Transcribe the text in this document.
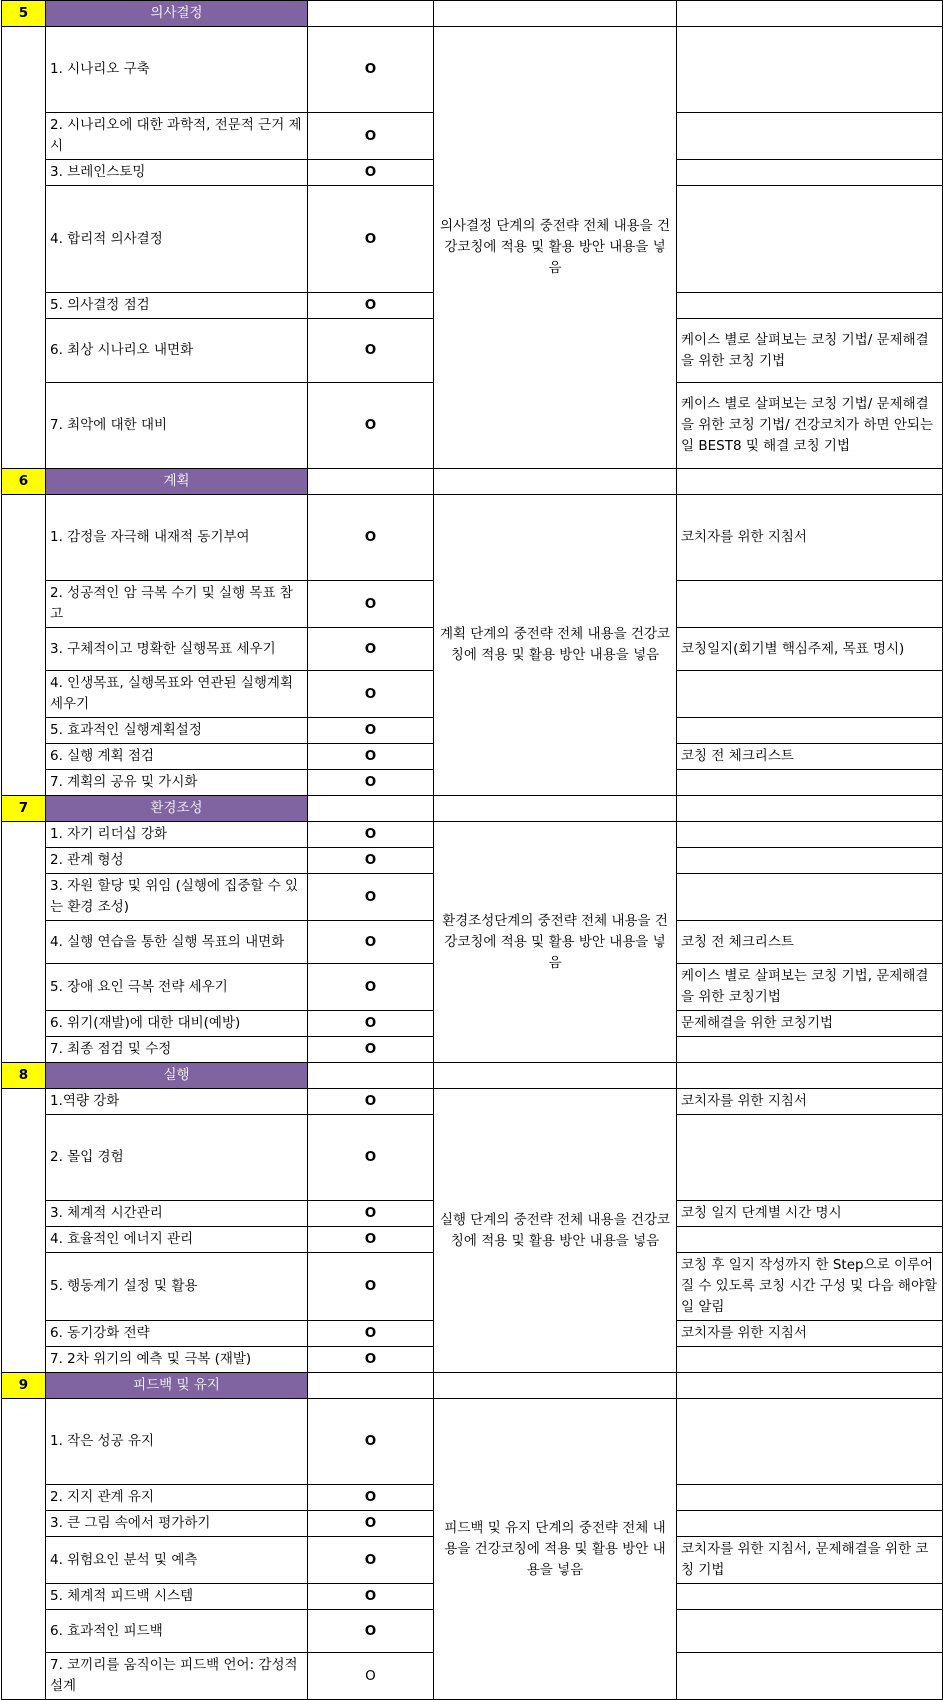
5	의사결정			
	1. 시나리오 구축	O	의사결정 단계의 중전략 전체 내용을 건강코칭에 적용 및 활용 방안 내용을 넣음	
	2. 시나리오에 대한 과학적, 전문적 근거 제시	O		
	3. 브레인스토밍	O		
	4. 합리적 의사결정	O		
	5. 의사결정 점검	O		
	6. 최상 시나리오 내면화	O		케이스 별로 살펴보는 코칭 기법/ 문제해결을 위한 코칭 기법
	7. 최악에 대한 대비	O		케이스 별로 살펴보는 코칭 기법/ 문제해결을 위한 코칭 기법/ 건강코치가 하면 안되는 일 BEST8 및 해결 코칭 기법
6	계획			
	1. 감정을 자극해 내재적 동기부여	O	계획 단계의 중전략 전체 내용을 건강코칭에 적용 및 활용 방안 내용을 넣음	코치자를 위한 지침서
	2. 성공적인 암 극복 수기 및 실행 목표 참고	O		
	3. 구체적이고 명확한 실행목표 세우기	O		코칭일지(회기별 핵심주제, 목표 명시)
	4. 인생목표, 실행목표와 연관된 실행계획 세우기	O		
	5. 효과적인 실행계획설정	O		
	6. 실행 계획 점검	O		코칭 전 체크리스트
	7. 계획의 공유 및 가시화	O		
7	환경조성			
	1. 자기 리더십 강화	O	환경조성단계의 중전략 전체 내용을 건강코칭에 적용 및 활용 방안 내용을 넣음	
	2. 관계 형성	O		
	3. 자원 할당 및 위임 (실행에 집중할 수 있는 환경 조성)	O		
	4. 실행 연습을 통한 실행 목표의 내면화	O		코칭 전 체크리스트
	5. 장애 요인 극복 전략 세우기	O		케이스 별로 살펴보는 코칭 기법, 문제해결을 위한 코칭기법
	6. 위기(재발)에 대한 대비(예방)	O		문제해결을 위한 코칭기법
	7. 최종 점검 및 수정	O		
8	실행			
	1.역량 강화	O	실행 단계의 중전략 전체 내용을 건강코칭에 적용 및 활용 방안 내용을 넣음	코치자를 위한 지침서
	2. 몰입 경험	O		
	3. 체계적 시간관리	O		코칭 일지 단계별 시간 명시
	4. 효율적인 에너지 관리	O		
	5. 행동계기 설정 및 활용	O		코칭 후 일지 작성까지 한 Step으로 이루어질 수 있도록 코칭 시간 구성 및 다음 해야할 일 알림
	6. 동기강화 전략	O		코치자를 위한 지침서
	7. 2차 위기의 예측 및 극복 (재발)	O		
9	피드백 및 유지			
	1. 작은 성공 유지	O	피드백 및 유지 단계의 중전략 전체 내용을 건강코칭에 적용 및 활용 방안 내용을 넣음	
	2. 지지 관계 유지	O		
	3. 큰 그림 속에서 평가하기	O		
	4. 위험요인 분석 및 예측	O		코치자를 위한 지침서, 문제해결을 위한 코칭 기법
	5. 체계적 피드백 시스템	O		
	6. 효과적인 피드백	O		
	7. 코끼리를 움직이는 피드백 언어: 감성적 설계	O		
